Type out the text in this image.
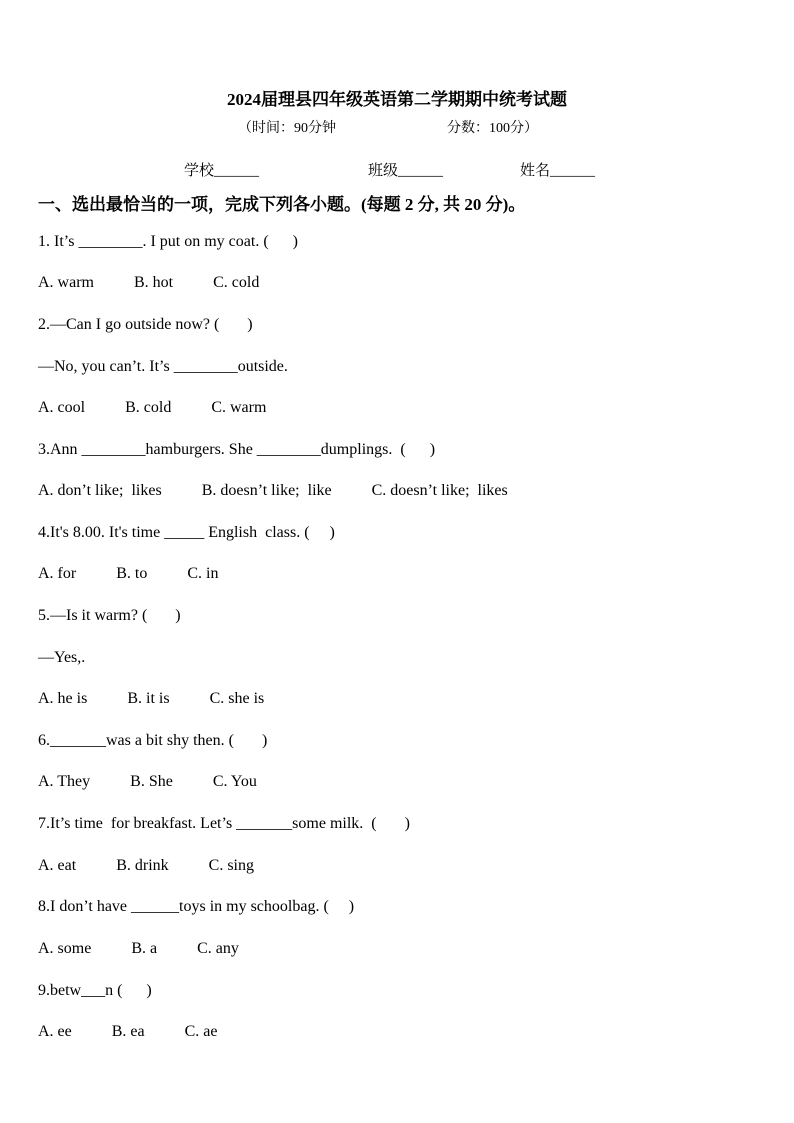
2024届理县四年级英语第二学期期中统考试题
（时间：90分钟	分数：100分）
学校______	班级______	姓名______
一、选出最恰当的一项，完成下列各小题。(每题 2 分, 共 20 分)。
1. It’s ________. I put on my coat. (      )
A. warm          B. hot          C. cold
2.—Can I go outside now? (       )
—No, you can’t. It’s ________outside.
A. cool          B. cold          C. warm
3.Ann ________hamburgers. She ________dumplings.  (      )
A. don’t like;  likes          B. doesn’t like;  like          C. doesn’t like;  likes
4.It's 8.00. It's time _____ English  class. (     )
A. for          B. to          C. in
5.—Is it warm? (       )
—Yes,.
A. he is          B. it is          C. she is
6._______was a bit shy then. (       )
A. They          B. She          C. You
7.It’s time  for breakfast. Let’s _______some milk.  (       )
A. eat          B. drink          C. sing
8.I don’t have ______toys in my schoolbag. (     )
A. some          B. a          C. any
9.betw___n (      )
A. ee          B. ea          C. ae
